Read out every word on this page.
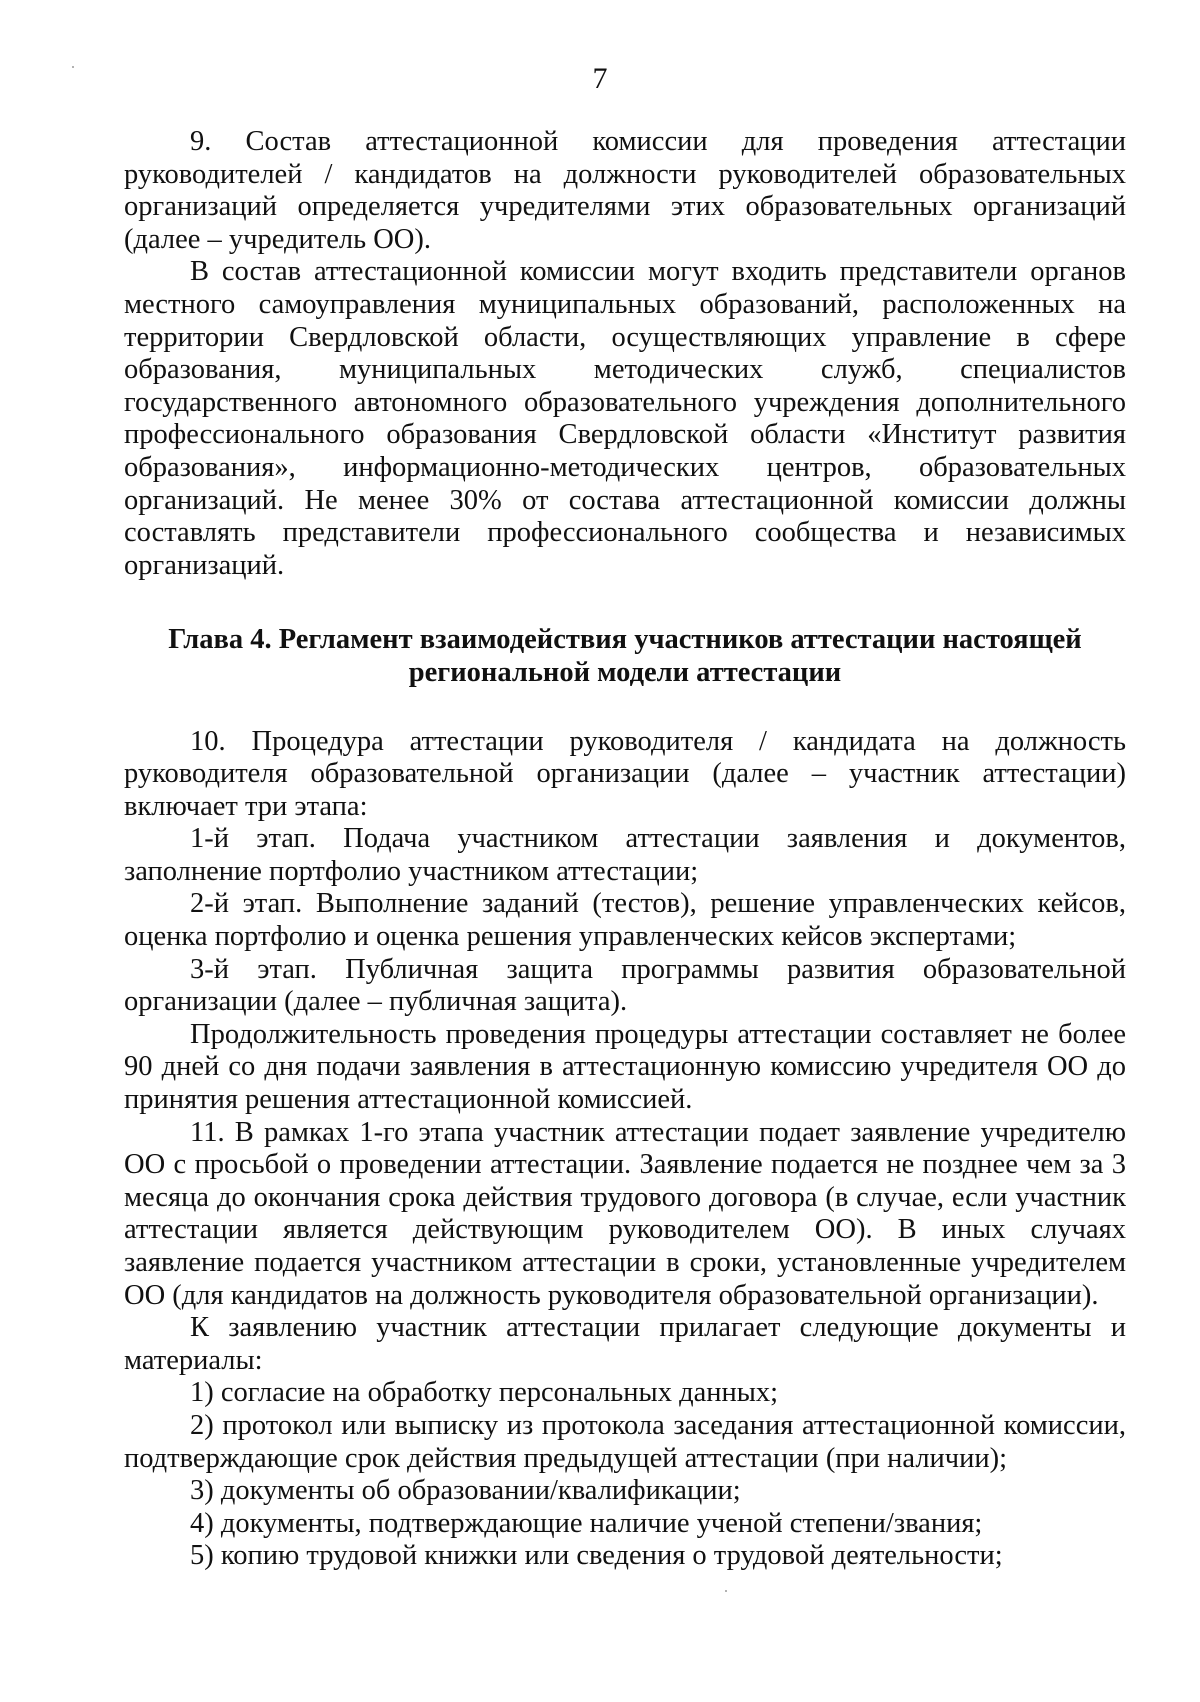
7

9. Состав аттестационной комиссии для проведения аттестации руководителей / кандидатов на должности руководителей образовательных организаций определяется учредителями этих образовательных организаций (далее – учредитель ОО).

В состав аттестационной комиссии могут входить представители органов местного самоуправления муниципальных образований, расположенных на территории Свердловской области, осуществляющих управление в сфере образования, муниципальных методических служб, специалистов государственного автономного образовательного учреждения дополнительного профессионального образования Свердловской области «Институт развития образования», информационно-методических центров, образовательных организаций. Не менее 30% от состава аттестационной комиссии должны составлять представители профессионального сообщества и независимых организаций.

Глава 4. Регламент взаимодействия участников аттестации настоящей
региональной модели аттестации

10. Процедура аттестации руководителя / кандидата на должность руководителя образовательной организации (далее – участник аттестации) включает три этапа:

1-й этап. Подача участником аттестации заявления и документов, заполнение портфолио участником аттестации;

2-й этап. Выполнение заданий (тестов), решение управленческих кейсов, оценка портфолио и оценка решения управленческих кейсов экспертами;

3-й этап. Публичная защита программы развития образовательной организации (далее – публичная защита).

Продолжительность проведения процедуры аттестации составляет не более 90 дней со дня подачи заявления в аттестационную комиссию учредителя ОО до принятия решения аттестационной комиссией.

11. В рамках 1-го этапа участник аттестации подает заявление учредителю ОО с просьбой о проведении аттестации. Заявление подается не позднее чем за 3 месяца до окончания срока действия трудового договора (в случае, если участник аттестации является действующим руководителем ОО). В иных случаях заявление подается участником аттестации в сроки, установленные учредителем ОО (для кандидатов на должность руководителя образовательной организации).

К заявлению участник аттестации прилагает следующие документы и материалы:

1) согласие на обработку персональных данных;

2) протокол или выписку из протокола заседания аттестационной комиссии, подтверждающие срок действия предыдущей аттестации (при наличии);

3) документы об образовании/квалификации;

4) документы, подтверждающие наличие ученой степени/звания;

5) копию трудовой книжки или сведения о трудовой деятельности;
